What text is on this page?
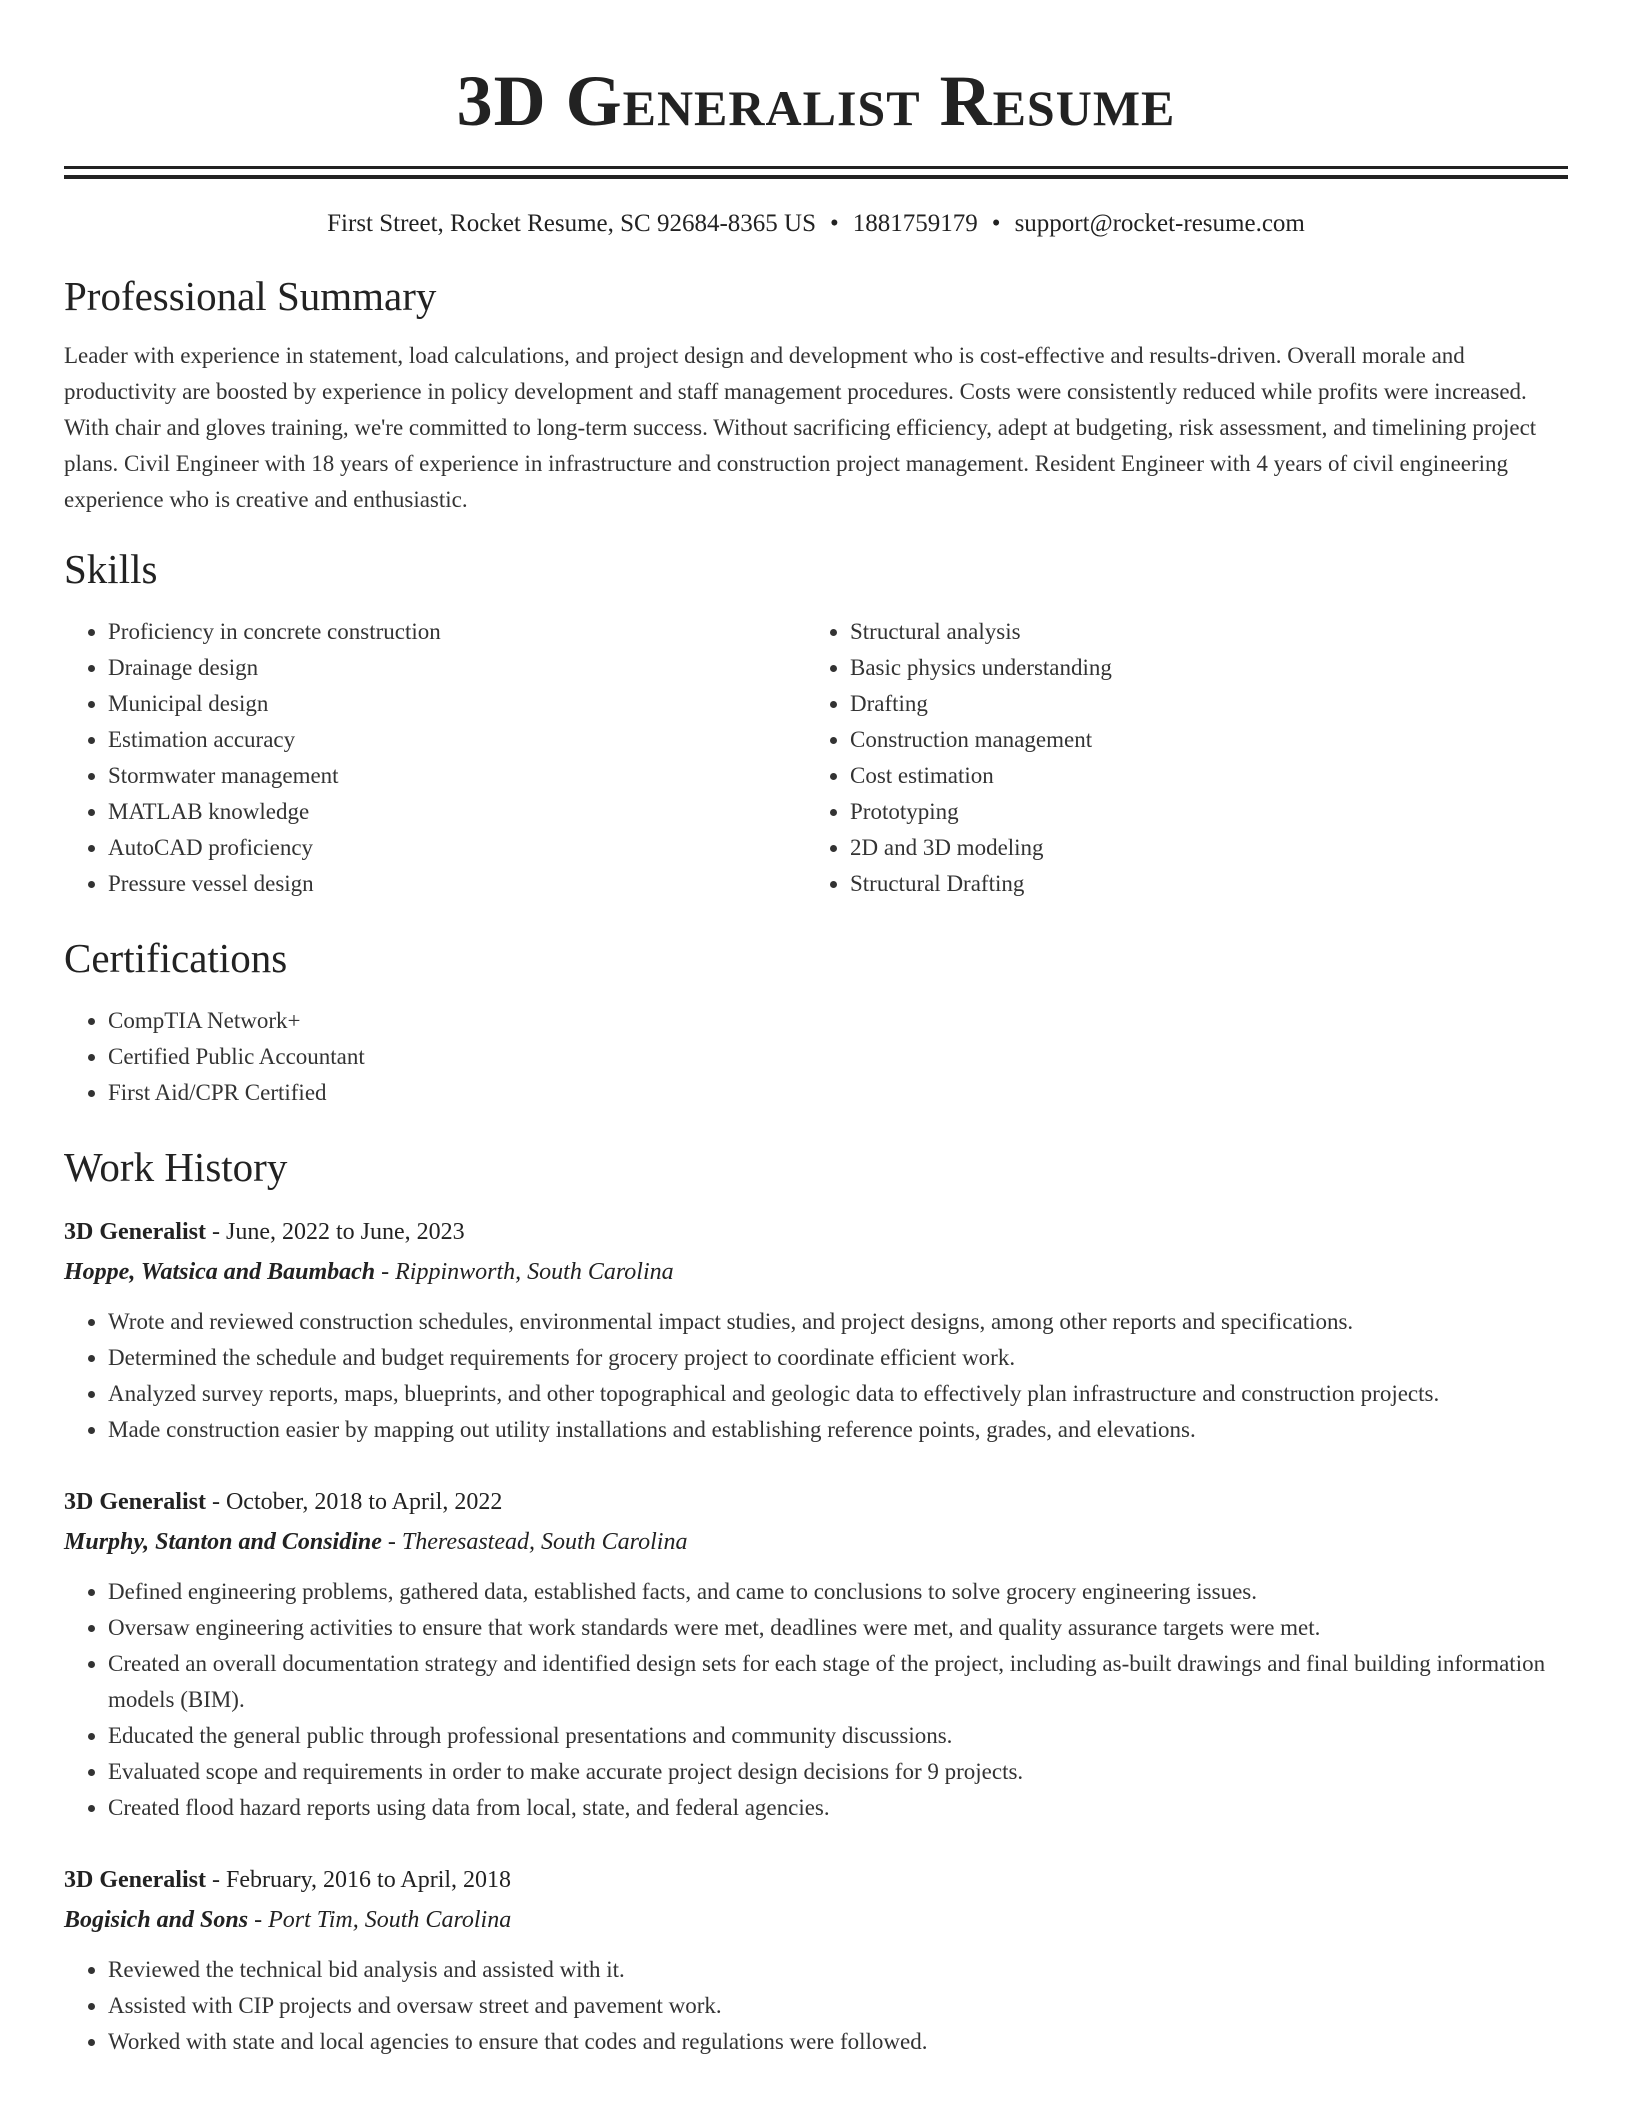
3D Generalist Resume
First Street, Rocket Resume, SC 92684-8365 US • 1881759179 • support@rocket-resume.com
Professional Summary
Leader with experience in statement, load calculations, and project design and development who is cost-effective and results-driven. Overall morale and productivity are boosted by experience in policy development and staff management procedures. Costs were consistently reduced while profits were increased. With chair and gloves training, we're committed to long-term success. Without sacrificing efficiency, adept at budgeting, risk assessment, and timelining project plans. Civil Engineer with 18 years of experience in infrastructure and construction project management. Resident Engineer with 4 years of civil engineering experience who is creative and enthusiastic.
Skills
• Proficiency in concrete construction
• Drainage design
• Municipal design
• Estimation accuracy
• Stormwater management
• MATLAB knowledge
• AutoCAD proficiency
• Pressure vessel design
• Structural analysis
• Basic physics understanding
• Drafting
• Construction management
• Cost estimation
• Prototyping
• 2D and 3D modeling
• Structural Drafting
Certifications
• CompTIA Network+
• Certified Public Accountant
• First Aid/CPR Certified
Work History
3D Generalist - June, 2022 to June, 2023
Hoppe, Watsica and Baumbach - Rippinworth, South Carolina
• Wrote and reviewed construction schedules, environmental impact studies, and project designs, among other reports and specifications.
• Determined the schedule and budget requirements for grocery project to coordinate efficient work.
• Analyzed survey reports, maps, blueprints, and other topographical and geologic data to effectively plan infrastructure and construction projects.
• Made construction easier by mapping out utility installations and establishing reference points, grades, and elevations.
3D Generalist - October, 2018 to April, 2022
Murphy, Stanton and Considine - Theresastead, South Carolina
• Defined engineering problems, gathered data, established facts, and came to conclusions to solve grocery engineering issues.
• Oversaw engineering activities to ensure that work standards were met, deadlines were met, and quality assurance targets were met.
• Created an overall documentation strategy and identified design sets for each stage of the project, including as-built drawings and final building information models (BIM).
• Educated the general public through professional presentations and community discussions.
• Evaluated scope and requirements in order to make accurate project design decisions for 9 projects.
• Created flood hazard reports using data from local, state, and federal agencies.
3D Generalist - February, 2016 to April, 2018
Bogisich and Sons - Port Tim, South Carolina
• Reviewed the technical bid analysis and assisted with it.
• Assisted with CIP projects and oversaw street and pavement work.
• Worked with state and local agencies to ensure that codes and regulations were followed.
